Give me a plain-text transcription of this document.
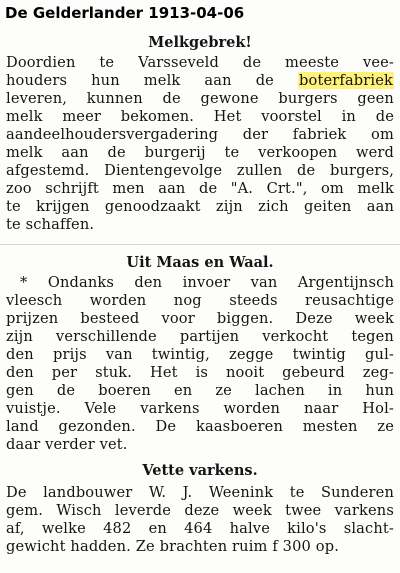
De Gelderlander 1913-04-06
Melkgebrek!
Doordien te Varsseveld de meeste vee-
houders hun melk aan de boterfabriek
leveren, kunnen de gewone burgers geen
melk meer bekomen. Het voorstel in de
aandeelhoudersvergadering der fabriek om
melk aan de burgerij te verkoopen werd
afgestemd. Dientengevolge zullen de burgers,
zoo schrijft men aan de "A. Crt.", om melk
te krijgen genoodzaakt zijn zich geiten aan
te schaffen.
Uit Maas en Waal.
* Ondanks den invoer van Argentijnsch
vleesch worden nog steeds reusachtige
prijzen besteed voor biggen. Deze week
zijn verschillende partijen verkocht tegen
den prijs van twintig, zegge twintig gul-
den per stuk. Het is nooit gebeurd zeg-
gen de boeren en ze lachen in hun
vuistje. Vele varkens worden naar Hol-
land gezonden. De kaasboeren mesten ze
daar verder vet.
Vette varkens.
De landbouwer W. J. Weenink te Sunderen
gem. Wisch leverde deze week twee varkens
af, welke 482 en 464 halve kilo's slacht-
gewicht hadden. Ze brachten ruim f 300 op.
